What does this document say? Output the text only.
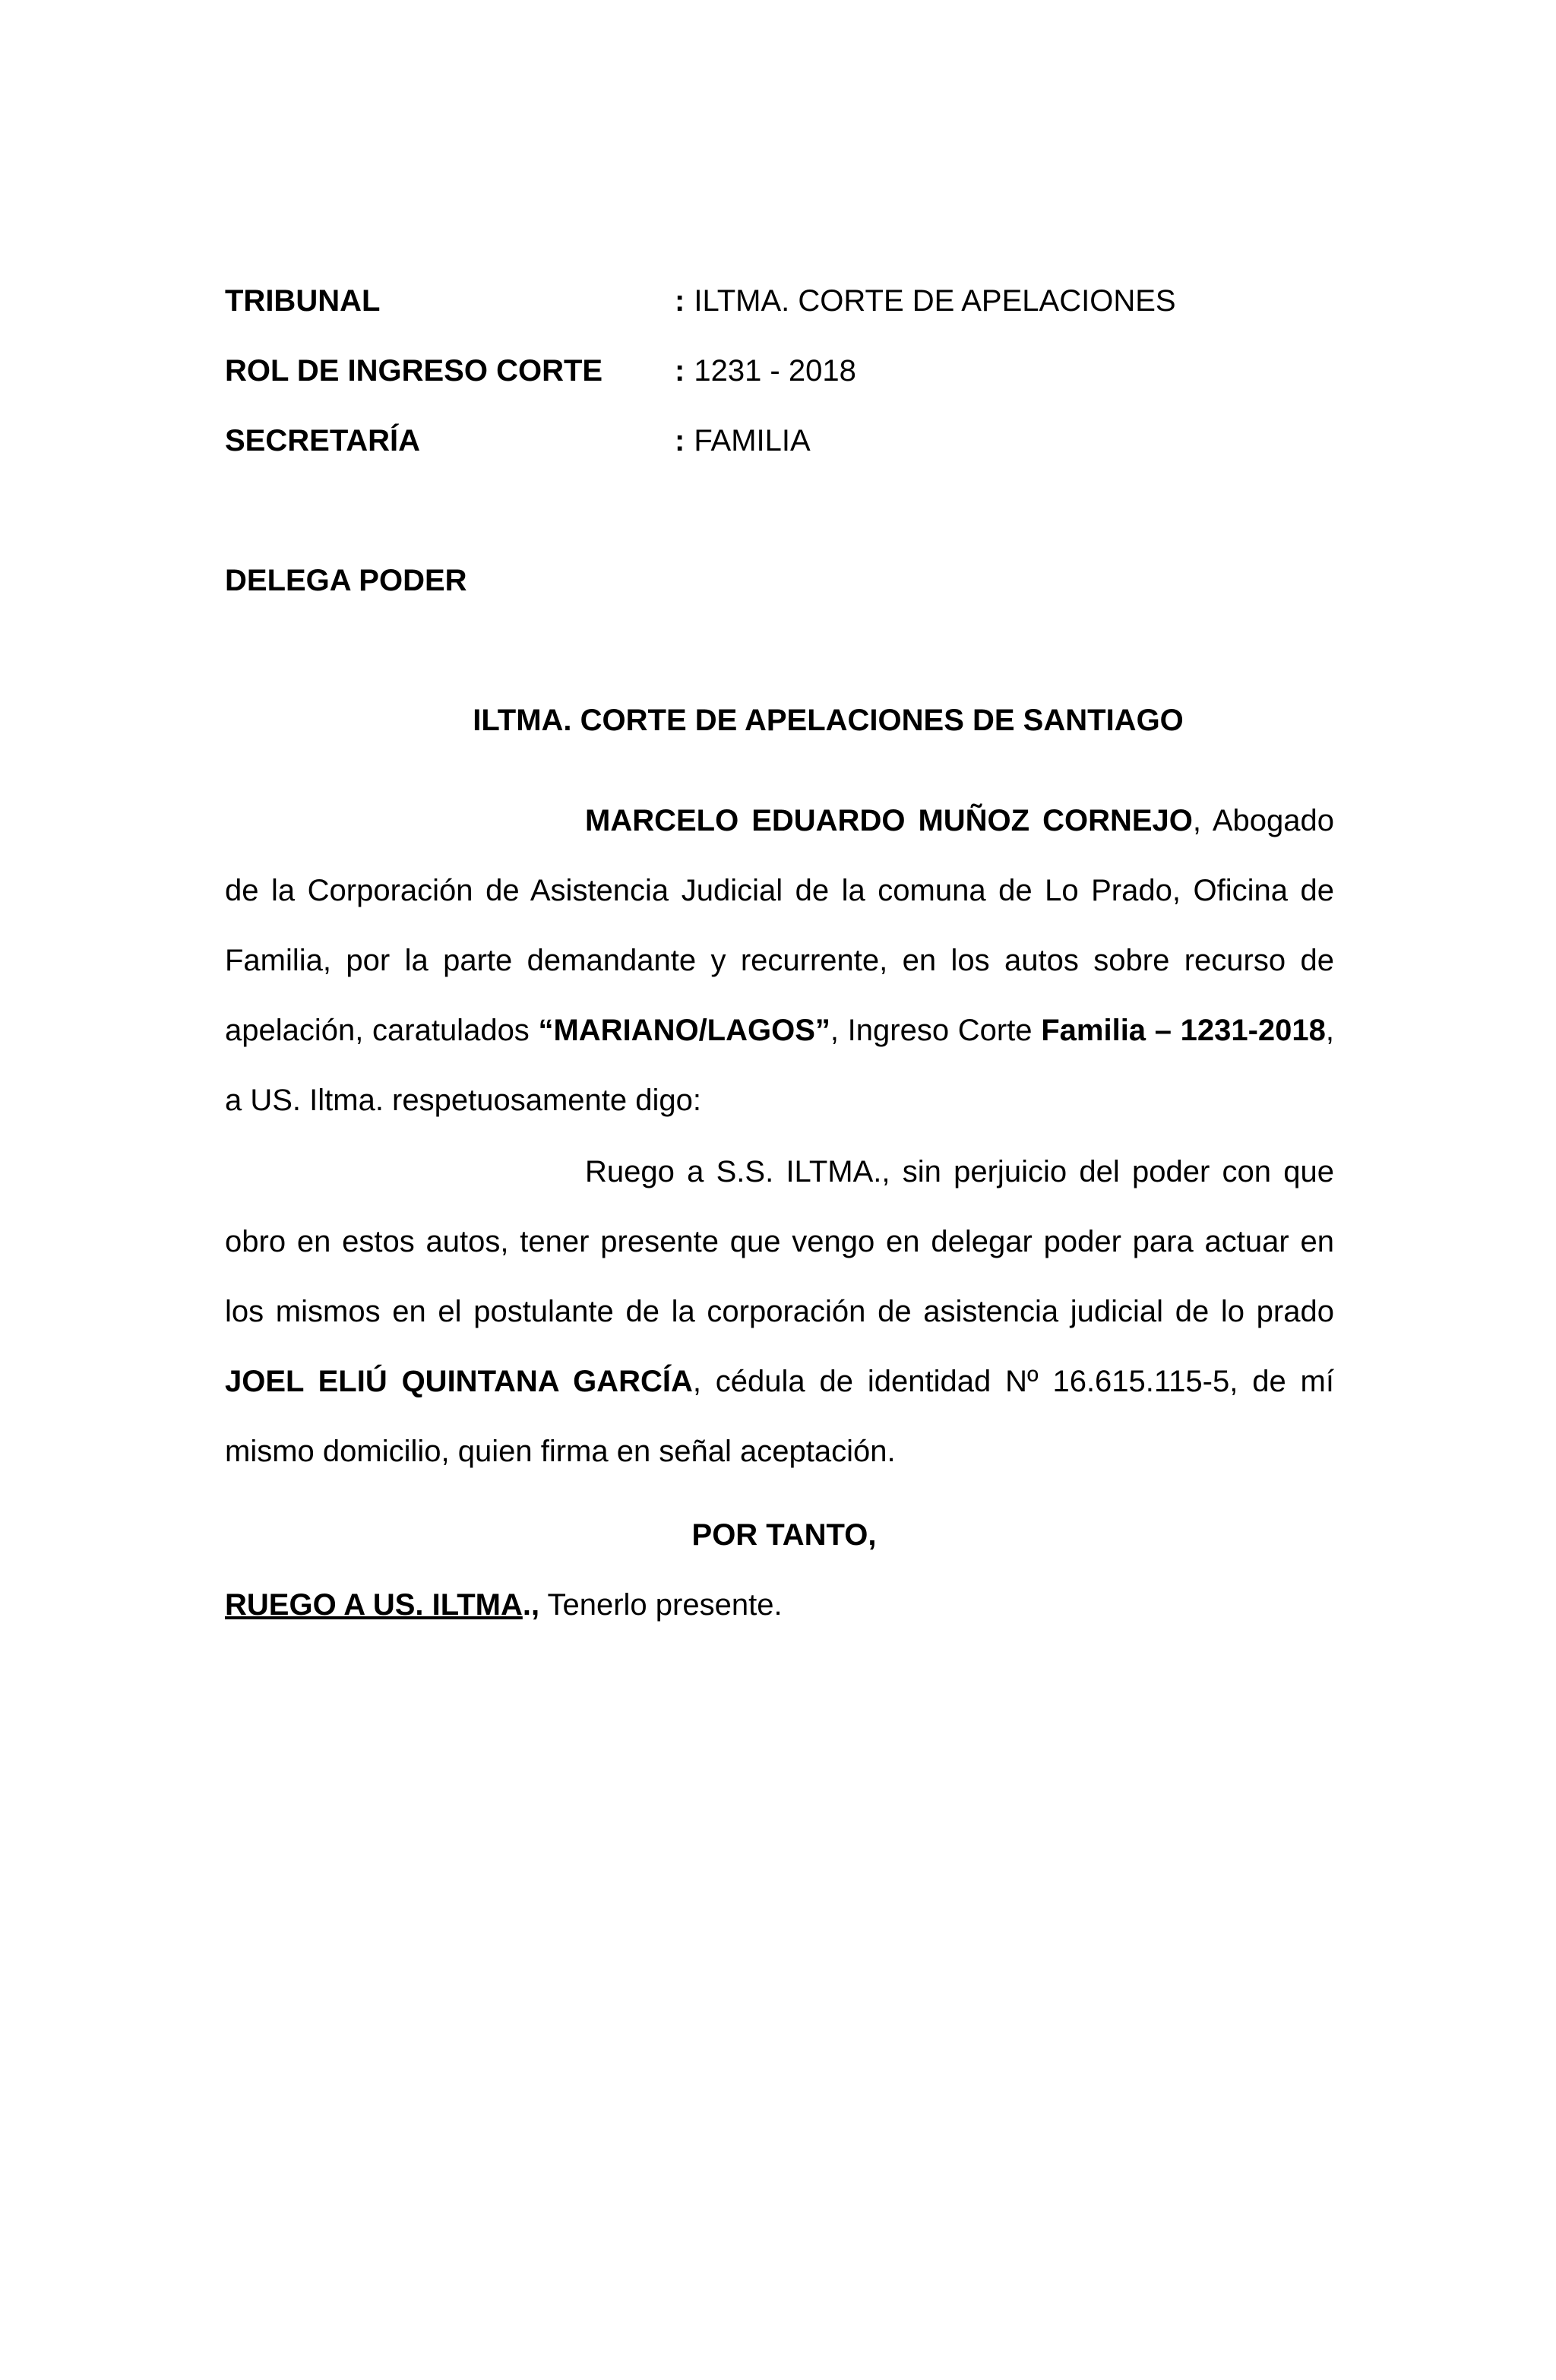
TRIBUNAL	: ILTMA. CORTE DE APELACIONES
ROL DE INGRESO CORTE	: 1231 - 2018
SECRETARÍA	: FAMILIA
DELEGA PODER
ILTMA. CORTE DE APELACIONES DE SANTIAGO

MARCELO EDUARDO MUÑOZ CORNEJO, Abogado de la Corporación de Asistencia Judicial de la comuna de Lo Prado, Oficina de Familia, por la parte demandante y recurrente, en los autos sobre recurso de apelación, caratulados “MARIANO/LAGOS”, Ingreso Corte Familia – 1231-2018, a US. Iltma. respetuosamente digo:

Ruego a S.S. ILTMA., sin perjuicio del poder con que obro en estos autos, tener presente que vengo en delegar poder para actuar en los mismos en el postulante de la corporación de asistencia judicial de lo prado JOEL ELIÚ QUINTANA GARCÍA, cédula de identidad Nº 16.615.115-5, de mí mismo domicilio, quien firma en señal aceptación.

POR TANTO,
RUEGO A US. ILTMA., Tenerlo presente.
